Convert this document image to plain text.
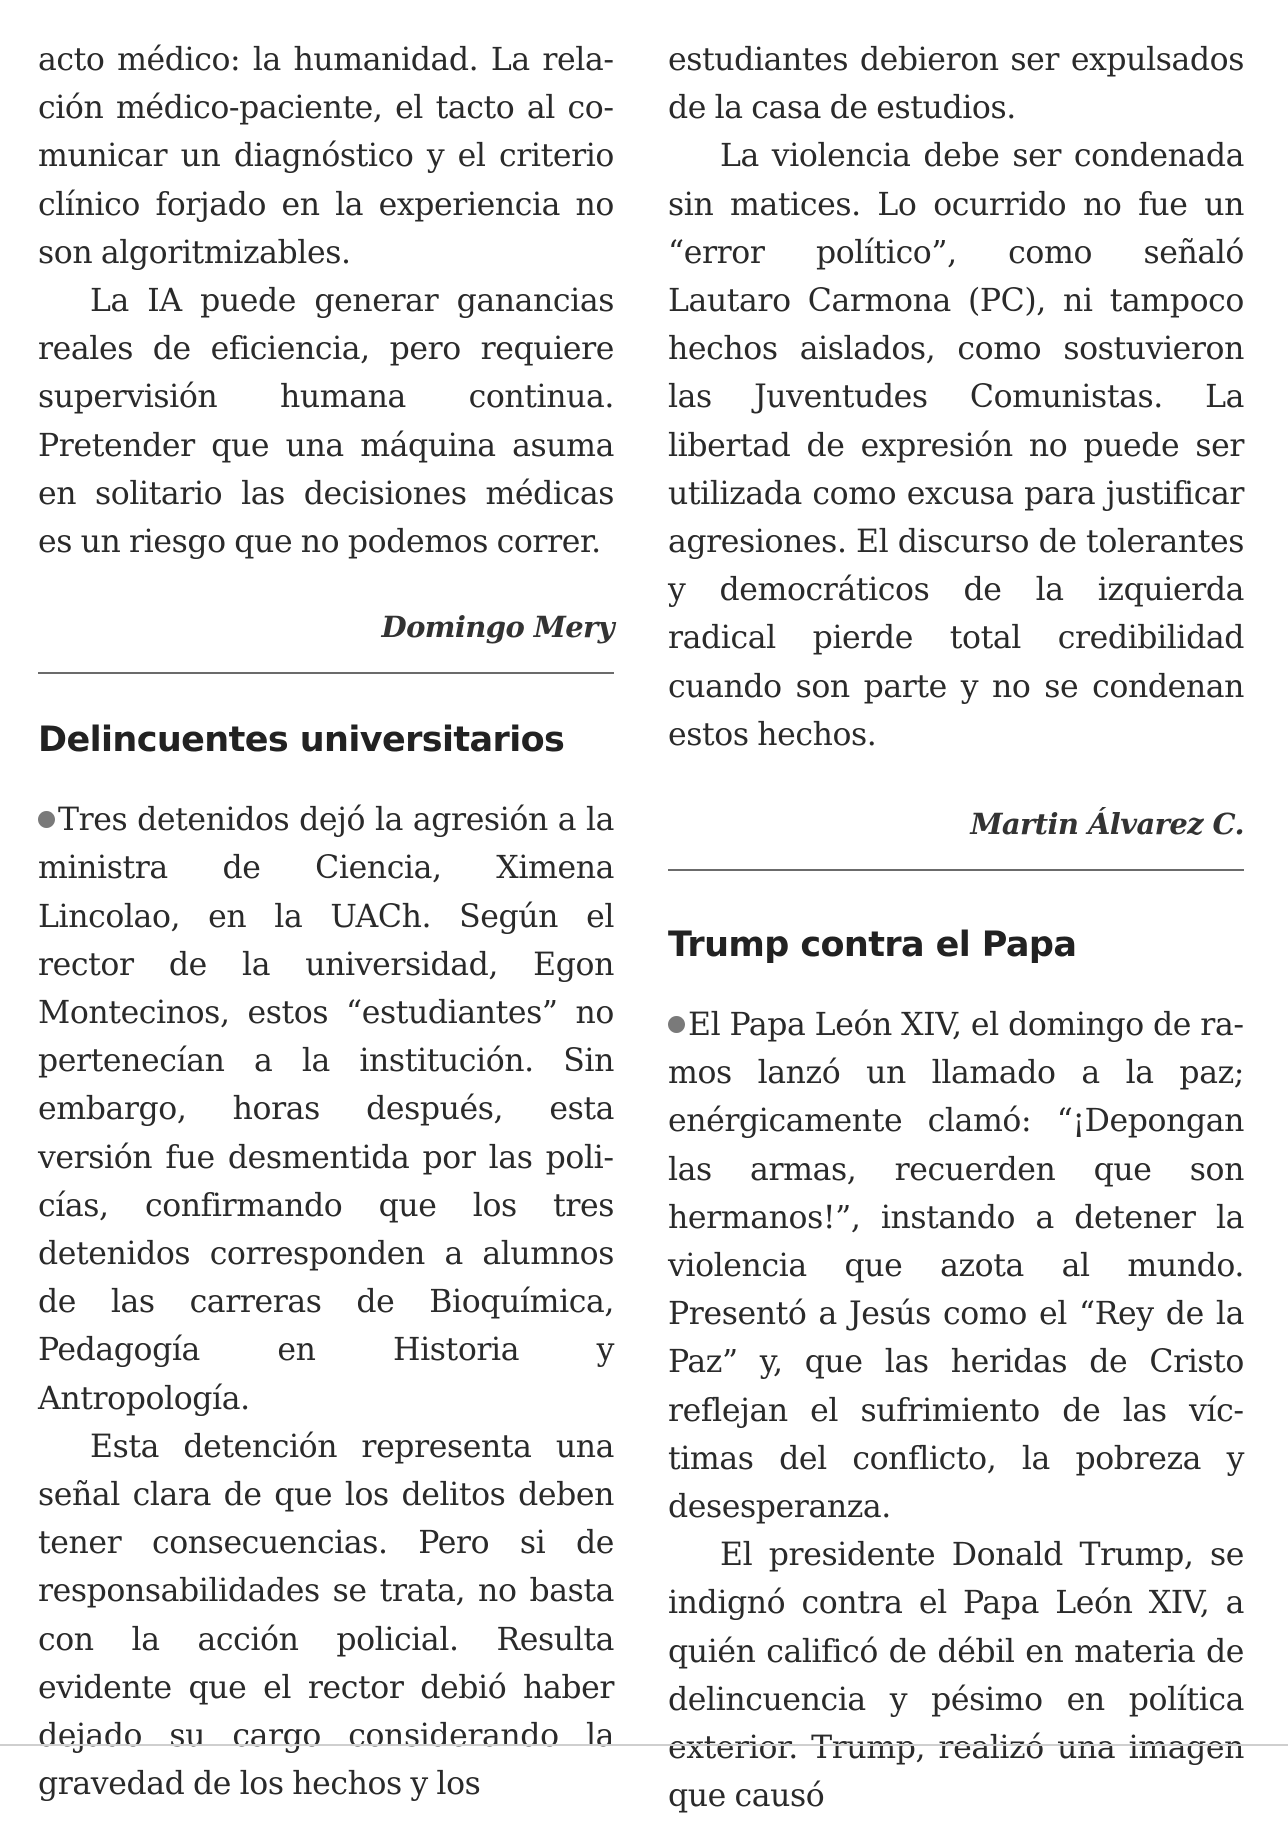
acto médico: la humanidad. La relación médico-paciente, el tacto al comunicar un diagnóstico y el criterio clínico forjado en la experiencia no son algoritmizables.

La IA puede generar ganancias reales de eficiencia, pero requiere supervisión humana continua. Pretender que una máquina asuma en solitario las decisiones médicas es un riesgo que no podemos correr.

Domingo Mery

Delincuentes universitarios

Tres detenidos dejó la agresión a la ministra de Ciencia, Ximena Lincolao, en la UACh. Según el rector de la universidad, Egon Montecinos, estos “estudiantes” no pertenecían a la institución. Sin embargo, horas después, esta versión fue desmentida por las policías, confirmando que los tres detenidos corresponden a alumnos de las carreras de Bioquímica, Pedagogía en Historia y Antropología.

Esta detención representa una señal clara de que los delitos deben tener consecuencias. Pero si de responsabilidades se trata, no basta con la acción policial. Resulta evidente que el rector debió haber dejado su cargo considerando la gravedad de los hechos y los

estudiantes debieron ser expulsados de la casa de estudios.

La violencia debe ser condenada sin matices. Lo ocurrido no fue un “error político”, como señaló Lautaro Carmona (PC), ni tampoco hechos aislados, como sostuvieron las Juventudes Comunistas. La libertad de expresión no puede ser utilizada como excusa para justificar agresiones. El discurso de tolerantes y democráticos de la izquierda radical pierde total credibilidad cuando son parte y no se condenan estos hechos.

Martin Álvarez C.

Trump contra el Papa

El Papa León XIV, el domingo de ramos lanzó un llamado a la paz; enérgicamente clamó: “¡Depongan las armas, recuerden que son hermanos!”, instando a detener la violencia que azota al mundo. Presentó a Jesús como el “Rey de la Paz” y, que las heridas de Cristo reflejan el sufrimiento de las víctimas del conflicto, la pobreza y desesperanza.

El presidente Donald Trump, se indignó contra el Papa León XIV, a quién calificó de débil en materia de delincuencia y pésimo en política exterior. Trump, realizó una imagen que causó
